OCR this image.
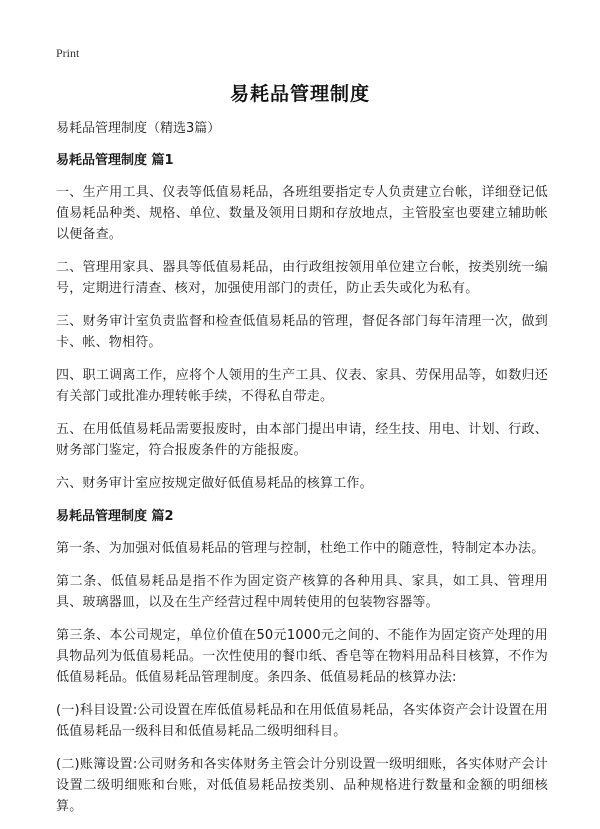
Print
易耗品管理制度

易耗品管理制度（精选3篇）

易耗品管理制度 篇1

一、生产用工具、仪表等低值易耗品，各班组要指定专人负责建立台帐，详细登记低值易耗品种类、规格、单位、数量及领用日期和存放地点，主管股室也要建立辅助帐以便备查。

二、管理用家具、器具等低值易耗品，由行政组按领用单位建立台帐，按类别统一编号，定期进行清查、核对，加强使用部门的责任，防止丢失或化为私有。

三、财务审计室负责监督和检查低值易耗品的管理，督促各部门每年清理一次，做到卡、帐、物相符。

四、职工调离工作，应将个人领用的生产工具、仪表、家具、劳保用品等，如数归还有关部门或批准办理转帐手续，不得私自带走。

五、在用低值易耗品需要报废时，由本部门提出申请，经生技、用电、计划、行政、财务部门鉴定，符合报废条件的方能报废。

六、财务审计室应按规定做好低值易耗品的核算工作。

易耗品管理制度 篇2

第一条、为加强对低值易耗品的管理与控制，杜绝工作中的随意性，特制定本办法。

第二条、低值易耗品是指不作为固定资产核算的各种用具、家具，如工具、管理用具、玻璃器皿，以及在生产经营过程中周转使用的包装物容器等。

第三条、本公司规定，单位价值在50元1000元之间的、不能作为固定资产处理的用具物品列为低值易耗品。一次性使用的餐巾纸、香皂等在物料用品科目核算，不作为低值易耗品。低值易耗品管理制度。条四条、低值易耗品的核算办法:

(一)科目设置:公司设置在库低值易耗品和在用低值易耗品，各实体资产会计设置在用低值易耗品一级科目和低值易耗品二级明细科目。

(二)账簿设置:公司财务和各实体财务主管会计分别设置一级明细账，各实体财产会计设置二级明细账和台账，对低值易耗品按类别、品种规格进行数量和金额的明细核算。
